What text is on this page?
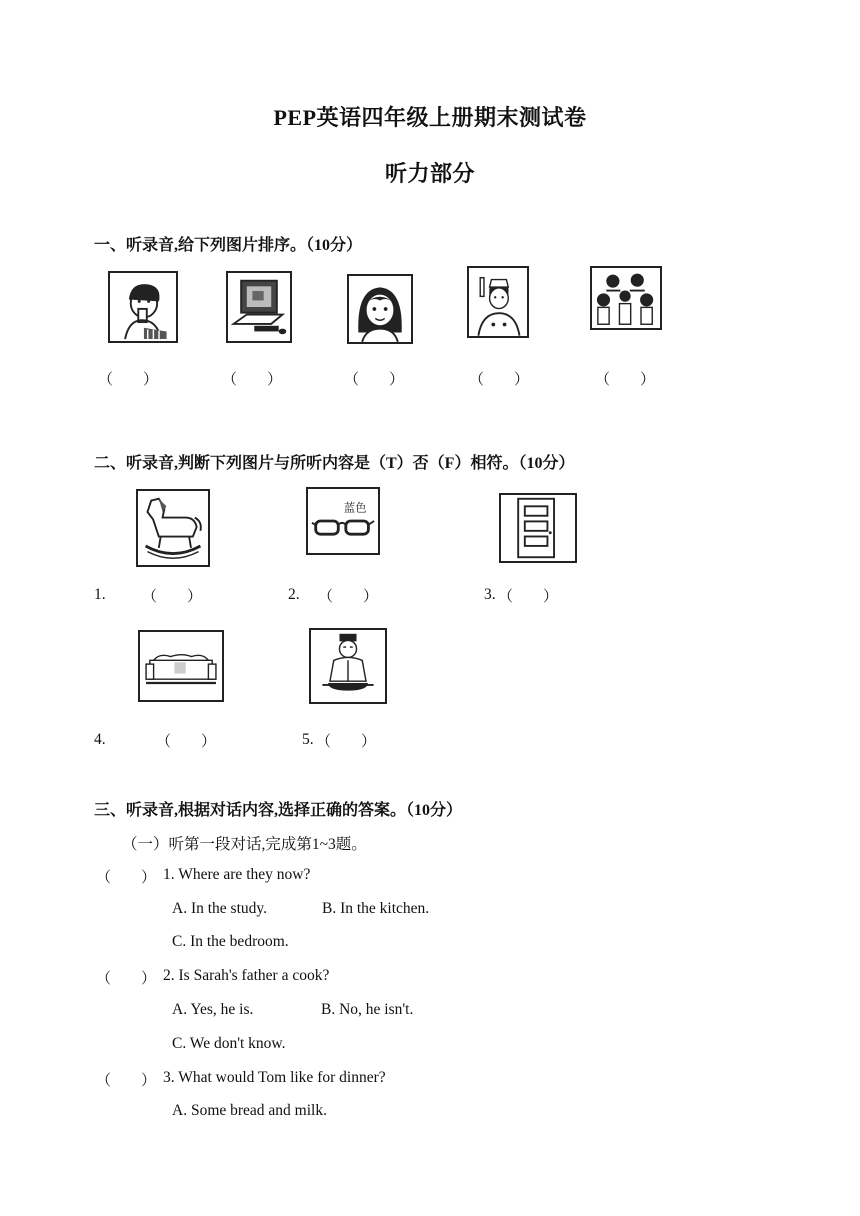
PEP英语四年级上册期末测试卷
听力部分
一、听录音,给下列图片排序。（10分）
（　　）	（　　）	（　　）	（　　）	（　　）
二、听录音,判断下列图片与所听内容是（T）否（F）相符。（10分）
蓝色
1. （　　）	2. （　　）	3. （　　）
4.	（　　）	5. （　　）
三、听录音,根据对话内容,选择正确的答案。（10分）
（一）听第一段对话,完成第1~3题。
（　　） 1. Where are they now?
A. In the study.	B. In the kitchen.
C. In the bedroom.
（　　） 2. Is Sarah's father a cook?
A. Yes, he is.	B. No, he isn't.
C. We don't know.
（　　） 3. What would Tom like for dinner?
A. Some bread and milk.
